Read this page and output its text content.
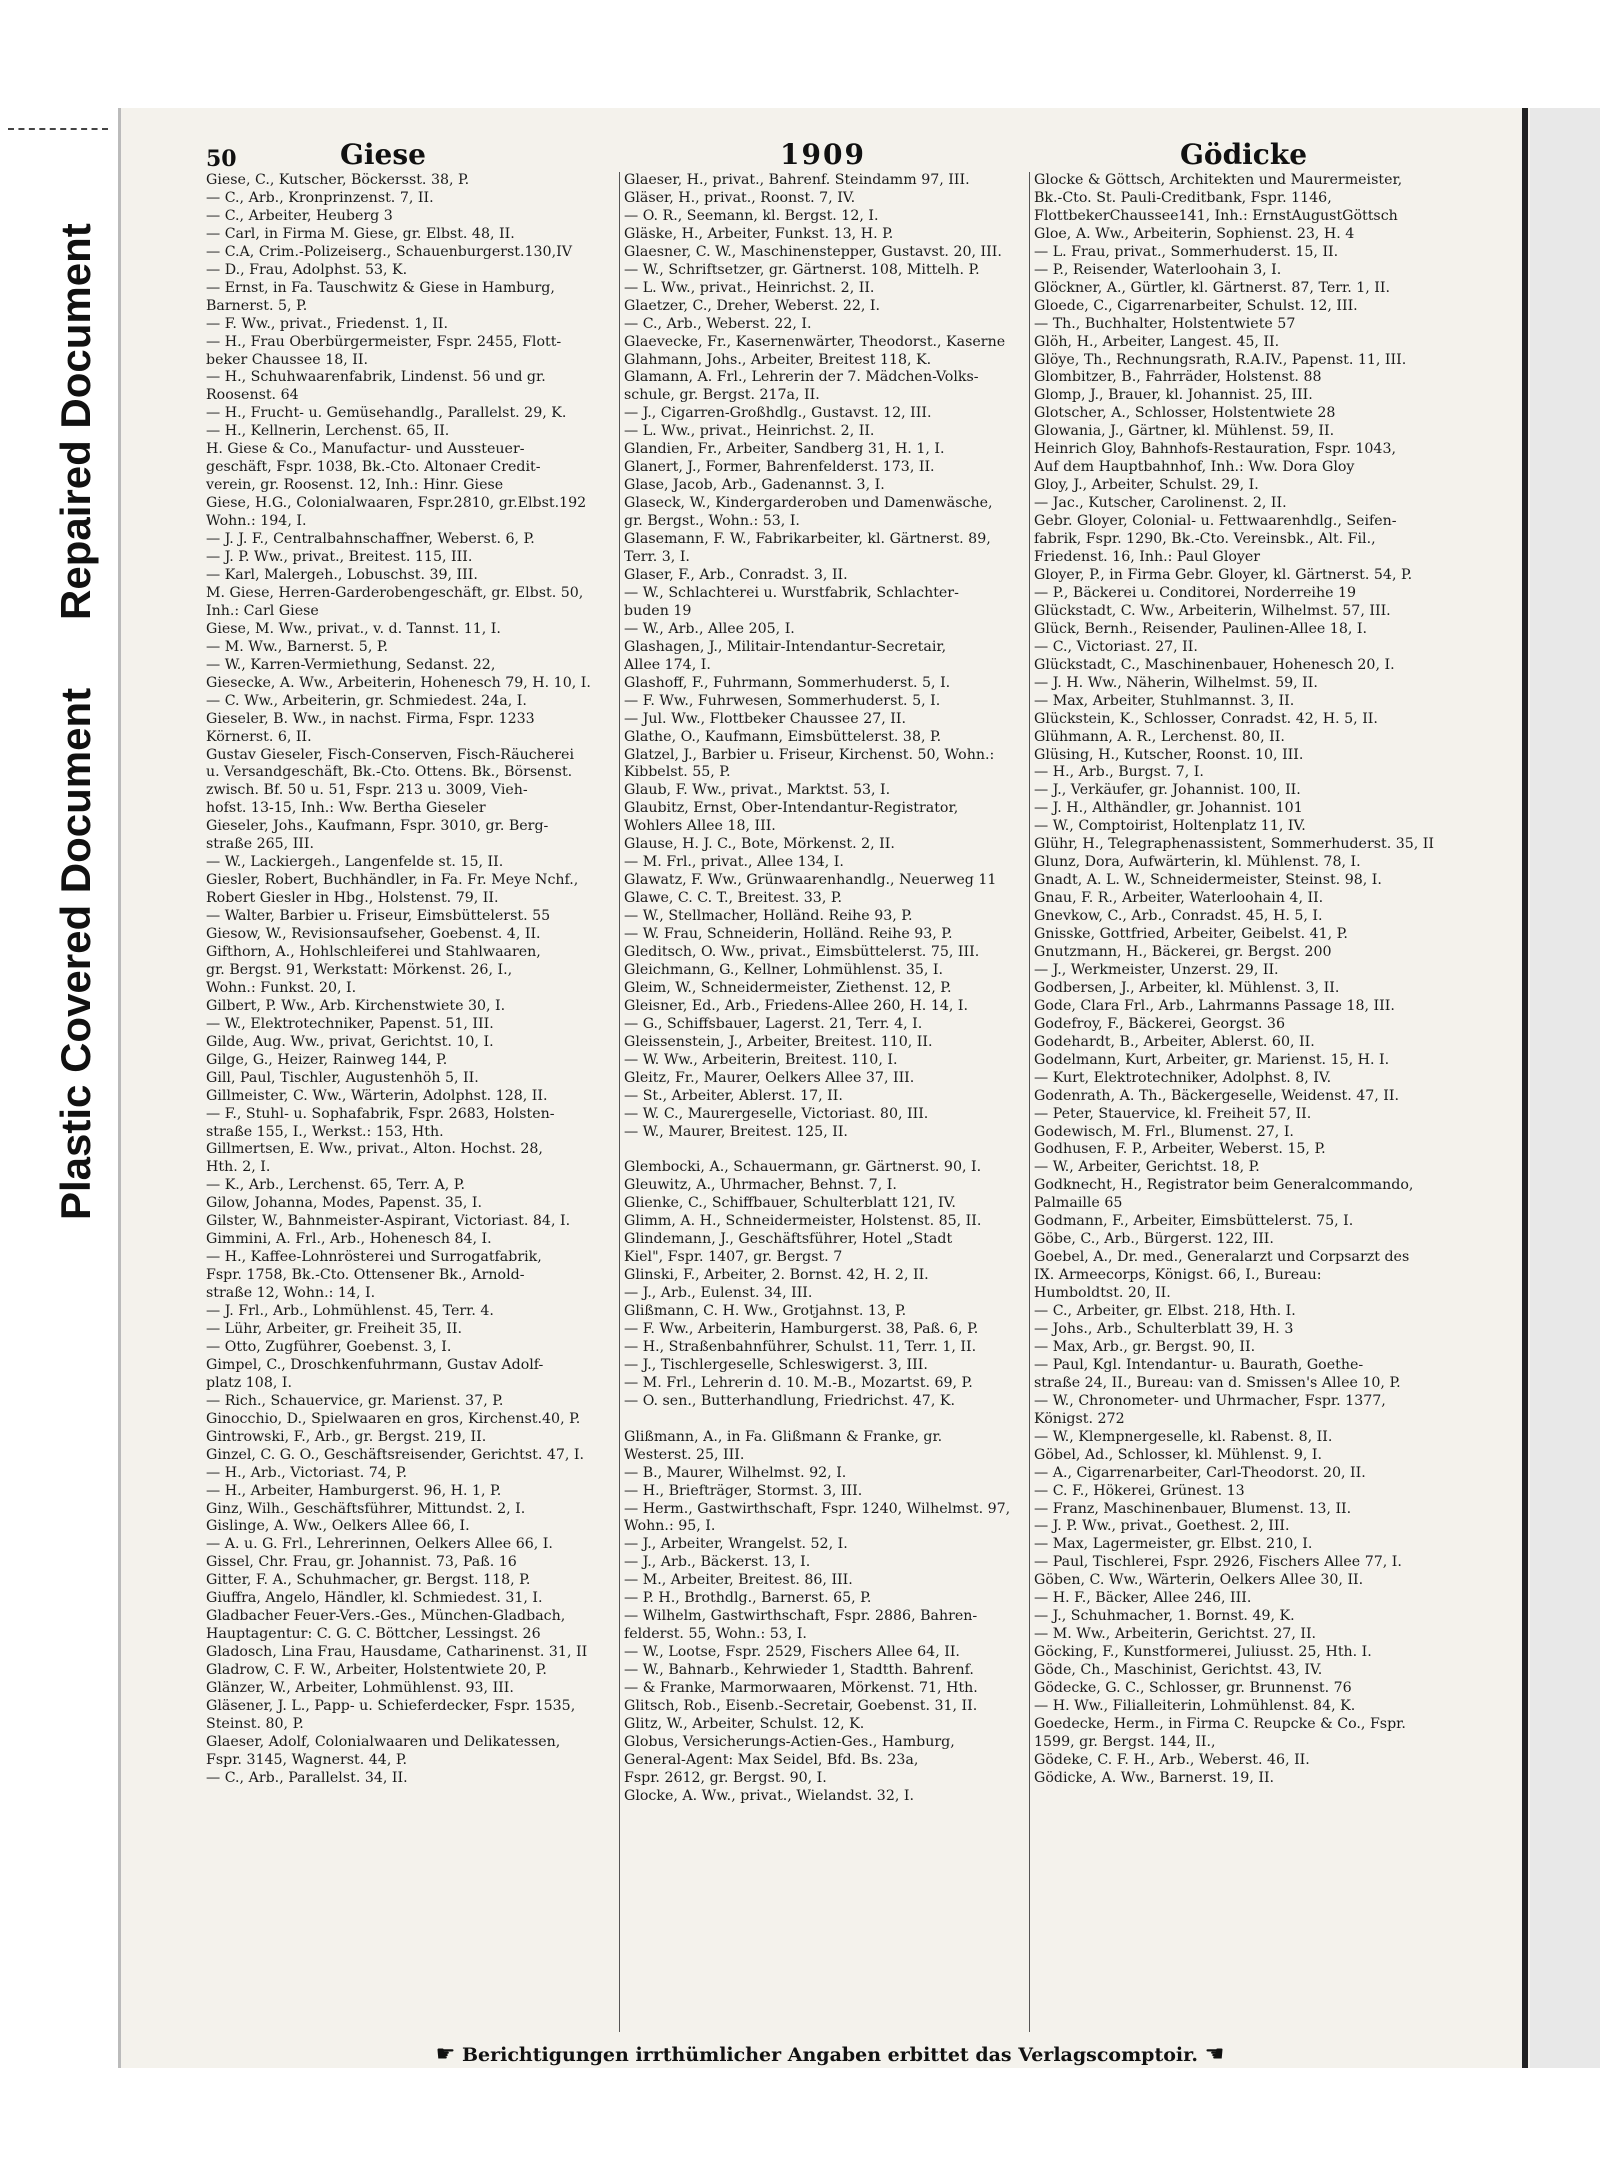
Plastic Covered Document
Repaired Document
50	Giese	1909	Gödicke
Giese, C., Kutscher, Böckersst. 38, P.
— C., Arb., Kronprinzenst. 7, II.
— C., Arbeiter, Heuberg 3
— Carl, in Firma M. Giese, gr. Elbst. 48, II.
— C.A, Crim.-Polizeiserg., Schauenburgerst.130,IV
— D., Frau, Adolphst. 53, K.
— Ernst, in Fa. Tauschwitz & Giese in Hamburg,
Barnerst. 5, P.
— F. Ww., privat., Friedenst. 1, II.
— H., Frau Oberbürgermeister, Fspr. 2455, Flott-
beker Chaussee 18, II.
— H., Schuhwaarenfabrik, Lindenst. 56 und gr.
Roosenst. 64
— H., Frucht- u. Gemüsehandlg., Parallelst. 29, K.
— H., Kellnerin, Lerchenst. 65, II.
H. Giese & Co., Manufactur- und Aussteuer-
geschäft, Fspr. 1038, Bk.-Cto. Altonaer Credit-
verein, gr. Roosenst. 12, Inh.: Hinr. Giese
Giese, H.G., Colonialwaaren, Fspr.2810, gr.Elbst.192
Wohn.: 194, I.
— J. J. F., Centralbahnschaffner, Weberst. 6, P.
— J. P. Ww., privat., Breitest. 115, III.
— Karl, Malergeh., Lobuschst. 39, III.
M. Giese, Herren-Garderobengeschäft, gr. Elbst. 50,
Inh.: Carl Giese
Giese, M. Ww., privat., v. d. Tannst. 11, I.
— M. Ww., Barnerst. 5, P.
— W., Karren-Vermiethung, Sedanst. 22,
Giesecke, A. Ww., Arbeiterin, Hohenesch 79, H. 10, I.
— C. Ww., Arbeiterin, gr. Schmiedest. 24a, I.
Gieseler, B. Ww., in nachst. Firma, Fspr. 1233
Körnerst. 6, II.
Gustav Gieseler, Fisch-Conserven, Fisch-Räucherei
u. Versandgeschäft, Bk.-Cto. Ottens. Bk., Börsenst.
zwisch. Bf. 50 u. 51, Fspr. 213 u. 3009, Vieh-
hofst. 13-15, Inh.: Ww. Bertha Gieseler
Gieseler, Johs., Kaufmann, Fspr. 3010, gr. Berg-
straße 265, III.
— W., Lackiergeh., Langenfelde st. 15, II.
Giesler, Robert, Buchhändler, in Fa. Fr. Meye Nchf.,
Robert Giesler in Hbg., Holstenst. 79, II.
— Walter, Barbier u. Friseur, Eimsbüttelerst. 55
Giesow, W., Revisionsaufseher, Goebenst. 4, II.
Gifthorn, A., Hohlschleiferei und Stahlwaaren,
gr. Bergst. 91, Werkstatt: Mörkenst. 26, I.,
Wohn.: Funkst. 20, I.
Gilbert, P. Ww., Arb. Kirchenstwiete 30, I.
— W., Elektrotechniker, Papenst. 51, III.
Gilde, Aug. Ww., privat, Gerichtst. 10, I.
Gilge, G., Heizer, Rainweg 144, P.
Gill, Paul, Tischler, Augustenhöh 5, II.
Gillmeister, C. Ww., Wärterin, Adolphst. 128, II.
— F., Stuhl- u. Sophafabrik, Fspr. 2683, Holsten-
straße 155, I., Werkst.: 153, Hth.
Gillmertsen, E. Ww., privat., Alton. Hochst. 28,
Hth. 2, I.
— K., Arb., Lerchenst. 65, Terr. A, P.
Gilow, Johanna, Modes, Papenst. 35, I.
Gilster, W., Bahnmeister-Aspirant, Victoriast. 84, I.
Gimmini, A. Frl., Arb., Hohenesch 84, I.
— H., Kaffee-Lohnrösterei und Surrogatfabrik,
Fspr. 1758, Bk.-Cto. Ottensener Bk., Arnold-
straße 12, Wohn.: 14, I.
— J. Frl., Arb., Lohmühlenst. 45, Terr. 4.
— Lühr, Arbeiter, gr. Freiheit 35, II.
— Otto, Zugführer, Goebenst. 3, I.
Gimpel, C., Droschkenfuhrmann, Gustav Adolf-
platz 108, I.
— Rich., Schauervice, gr. Marienst. 37, P.
Ginocchio, D., Spielwaaren en gros, Kirchenst.40, P.
Gintrowski, F., Arb., gr. Bergst. 219, II.
Ginzel, C. G. O., Geschäftsreisender, Gerichtst. 47, I.
— H., Arb., Victoriast. 74, P.
— H., Arbeiter, Hamburgerst. 96, H. 1, P.
Ginz, Wilh., Geschäftsführer, Mittundst. 2, I.
Gislinge, A. Ww., Oelkers Allee 66, I.
— A. u. G. Frl., Lehrerinnen, Oelkers Allee 66, I.
Gissel, Chr. Frau, gr. Johannist. 73, Paß. 16
Gitter, F. A., Schuhmacher, gr. Bergst. 118, P.
Giuffra, Angelo, Händler, kl. Schmiedest. 31, I.
Gladbacher Feuer-Vers.-Ges., München-Gladbach,
Hauptagentur: C. G. C. Böttcher, Lessingst. 26
Gladosch, Lina Frau, Hausdame, Catharinenst. 31, II
Gladrow, C. F. W., Arbeiter, Holstentwiete 20, P.
Glänzer, W., Arbeiter, Lohmühlenst. 93, III.
Gläsener, J. L., Papp- u. Schieferdecker, Fspr. 1535,
Steinst. 80, P.
Glaeser, Adolf, Colonialwaaren und Delikatessen,
Fspr. 3145, Wagnerst. 44, P.
— C., Arb., Parallelst. 34, II.
Glaeser, H., privat., Bahrenf. Steindamm 97, III.
Gläser, H., privat., Roonst. 7, IV.
— O. R., Seemann, kl. Bergst. 12, I.
Gläske, H., Arbeiter, Funkst. 13, H. P.
Glaesner, C. W., Maschinenstepper, Gustavst. 20, III.
— W., Schriftsetzer, gr. Gärtnerst. 108, Mittelh. P.
— L. Ww., privat., Heinrichst. 2, II.
Glaetzer, C., Dreher, Weberst. 22, I.
— C., Arb., Weberst. 22, I.
Glaevecke, Fr., Kasernenwärter, Theodorst., Kaserne
Glahmann, Johs., Arbeiter, Breitest 118, K.
Glamann, A. Frl., Lehrerin der 7. Mädchen-Volks-
schule, gr. Bergst. 217a, II.
— J., Cigarren-Großhdlg., Gustavst. 12, III.
— L. Ww., privat., Heinrichst. 2, II.
Glandien, Fr., Arbeiter, Sandberg 31, H. 1, I.
Glanert, J., Former, Bahrenfelderst. 173, II.
Glase, Jacob, Arb., Gadenannst. 3, I.
Glaseck, W., Kindergarderoben und Damenwäsche,
gr. Bergst., Wohn.: 53, I.
Glasemann, F. W., Fabrikarbeiter, kl. Gärtnerst. 89,
Terr. 3, I.
Glaser, F., Arb., Conradst. 3, II.
— W., Schlachterei u. Wurstfabrik, Schlachter-
buden 19
— W., Arb., Allee 205, I.
Glashagen, J., Militair-Intendantur-Secretair,
Allee 174, I.
Glashoff, F., Fuhrmann, Sommerhuderst. 5, I.
— F. Ww., Fuhrwesen, Sommerhuderst. 5, I.
— Jul. Ww., Flottbeker Chaussee 27, II.
Glathe, O., Kaufmann, Eimsbüttelerst. 38, P.
Glatzel, J., Barbier u. Friseur, Kirchenst. 50, Wohn.:
Kibbelst. 55, P.
Glaub, F. Ww., privat., Marktst. 53, I.
Glaubitz, Ernst, Ober-Intendantur-Registrator,
Wohlers Allee 18, III.
Glause, H. J. C., Bote, Mörkenst. 2, II.
— M. Frl., privat., Allee 134, I.
Glawatz, F. Ww., Grünwaarenhandlg., Neuerweg 11
Glawe, C. C. T., Breitest. 33, P.
— W., Stellmacher, Holländ. Reihe 93, P.
— W. Frau, Schneiderin, Holländ. Reihe 93, P.
Gleditsch, O. Ww., privat., Eimsbüttelerst. 75, III.
Gleichmann, G., Kellner, Lohmühlenst. 35, I.
Gleim, W., Schneidermeister, Ziethenst. 12, P.
Gleisner, Ed., Arb., Friedens-Allee 260, H. 14, I.
— G., Schiffsbauer, Lagerst. 21, Terr. 4, I.
Gleissenstein, J., Arbeiter, Breitest. 110, II.
— W. Ww., Arbeiterin, Breitest. 110, I.
Gleitz, Fr., Maurer, Oelkers Allee 37, III.
— St., Arbeiter, Ablerst. 17, II.
— W. C., Maurergeselle, Victoriast. 80, III.
— W., Maurer, Breitest. 125, II.

Glembocki, A., Schauermann, gr. Gärtnerst. 90, I.
Gleuwitz, A., Uhrmacher, Behnst. 7, I.
Glienke, C., Schiffbauer, Schulterblatt 121, IV.
Glimm, A. H., Schneidermeister, Holstenst. 85, II.
Glindemann, J., Geschäftsführer, Hotel „Stadt
Kiel", Fspr. 1407, gr. Bergst. 7
Glinski, F., Arbeiter, 2. Bornst. 42, H. 2, II.
— J., Arb., Eulenst. 34, III.
Glißmann, C. H. Ww., Grotjahnst. 13, P.
— F. Ww., Arbeiterin, Hamburgerst. 38, Paß. 6, P.
— H., Straßenbahnführer, Schulst. 11, Terr. 1, II.
— J., Tischlergeselle, Schleswigerst. 3, III.
— M. Frl., Lehrerin d. 10. M.-B., Mozartst. 69, P.
— O. sen., Butterhandlung, Friedrichst. 47, K.

Glißmann, A., in Fa. Glißmann & Franke, gr.
Westerst. 25, III.
— B., Maurer, Wilhelmst. 92, I.
— H., Briefträger, Stormst. 3, III.
— Herm., Gastwirthschaft, Fspr. 1240, Wilhelmst. 97,
Wohn.: 95, I.
— J., Arbeiter, Wrangelst. 52, I.
— J., Arb., Bäckerst. 13, I.
— M., Arbeiter, Breitest. 86, III.
— P. H., Brothdlg., Barnerst. 65, P.
— Wilhelm, Gastwirthschaft, Fspr. 2886, Bahren-
felderst. 55, Wohn.: 53, I.
— W., Lootse, Fspr. 2529, Fischers Allee 64, II.
— W., Bahnarb., Kehrwieder 1, Stadtth. Bahrenf.
— & Franke, Marmorwaaren, Mörkenst. 71, Hth.
Glitsch, Rob., Eisenb.-Secretair, Goebenst. 31, II.
Glitz, W., Arbeiter, Schulst. 12, K.
Globus, Versicherungs-Actien-Ges., Hamburg,
General-Agent: Max Seidel, Bfd. Bs. 23a,
Fspr. 2612, gr. Bergst. 90, I.
Glocke, A. Ww., privat., Wielandst. 32, I.
Glocke & Göttsch, Architekten und Maurermeister,
Bk.-Cto. St. Pauli-Creditbank, Fspr. 1146,
FlottbekerChaussee141, Inh.: ErnstAugustGöttsch
Gloe, A. Ww., Arbeiterin, Sophienst. 23, H. 4
— L. Frau, privat., Sommerhuderst. 15, II.
— P., Reisender, Waterloohain 3, I.
Glöckner, A., Gürtler, kl. Gärtnerst. 87, Terr. 1, II.
Gloede, C., Cigarrenarbeiter, Schulst. 12, III.
— Th., Buchhalter, Holstentwiete 57
Glöh, H., Arbeiter, Langest. 45, II.
Glöye, Th., Rechnungsrath, R.A.IV., Papenst. 11, III.
Glombitzer, B., Fahrräder, Holstenst. 88
Glomp, J., Brauer, kl. Johannist. 25, III.
Glotscher, A., Schlosser, Holstentwiete 28
Glowania, J., Gärtner, kl. Mühlenst. 59, II.
Heinrich Gloy, Bahnhofs-Restauration, Fspr. 1043,
Auf dem Hauptbahnhof, Inh.: Ww. Dora Gloy
Gloy, J., Arbeiter, Schulst. 29, I.
— Jac., Kutscher, Carolinenst. 2, II.
Gebr. Gloyer, Colonial- u. Fettwaarenhdlg., Seifen-
fabrik, Fspr. 1290, Bk.-Cto. Vereinsbk., Alt. Fil.,
Friedenst. 16, Inh.: Paul Gloyer
Gloyer, P., in Firma Gebr. Gloyer, kl. Gärtnerst. 54, P.
— P., Bäckerei u. Conditorei, Norderreihe 19
Glückstadt, C. Ww., Arbeiterin, Wilhelmst. 57, III.
Glück, Bernh., Reisender, Paulinen-Allee 18, I.
— C., Victoriast. 27, II.
Glückstadt, C., Maschinenbauer, Hohenesch 20, I.
— J. H. Ww., Näherin, Wilhelmst. 59, II.
— Max, Arbeiter, Stuhlmannst. 3, II.
Glückstein, K., Schlosser, Conradst. 42, H. 5, II.
Glühmann, A. R., Lerchenst. 80, II.
Glüsing, H., Kutscher, Roonst. 10, III.
— H., Arb., Burgst. 7, I.
— J., Verkäufer, gr. Johannist. 100, II.
— J. H., Althändler, gr. Johannist. 101
— W., Comptoirist, Holtenplatz 11, IV.
Glühr, H., Telegraphenassistent, Sommerhuderst. 35, II
Glunz, Dora, Aufwärterin, kl. Mühlenst. 78, I.
Gnadt, A. L. W., Schneidermeister, Steinst. 98, I.
Gnau, F. R., Arbeiter, Waterloohain 4, II.
Gnevkow, C., Arb., Conradst. 45, H. 5, I.
Gnisske, Gottfried, Arbeiter, Geibelst. 41, P.
Gnutzmann, H., Bäckerei, gr. Bergst. 200
— J., Werkmeister, Unzerst. 29, II.
Godbersen, J., Arbeiter, kl. Mühlenst. 3, II.
Gode, Clara Frl., Arb., Lahrmanns Passage 18, III.
Godefroy, F., Bäckerei, Georgst. 36
Godehardt, B., Arbeiter, Ablerst. 60, II.
Godelmann, Kurt, Arbeiter, gr. Marienst. 15, H. I.
— Kurt, Elektrotechniker, Adolphst. 8, IV.
Godenrath, A. Th., Bäckergeselle, Weidenst. 47, II.
— Peter, Stauervice, kl. Freiheit 57, II.
Godewisch, M. Frl., Blumenst. 27, I.
Godhusen, F. P., Arbeiter, Weberst. 15, P.
— W., Arbeiter, Gerichtst. 18, P.
Godknecht, H., Registrator beim Generalcommando,
Palmaille 65
Godmann, F., Arbeiter, Eimsbüttelerst. 75, I.
Göbe, C., Arb., Bürgerst. 122, III.
Goebel, A., Dr. med., Generalarzt und Corpsarzt des
IX. Armeecorps, Königst. 66, I., Bureau:
Humboldtst. 20, II.
— C., Arbeiter, gr. Elbst. 218, Hth. I.
— Johs., Arb., Schulterblatt 39, H. 3
— Max, Arb., gr. Bergst. 90, II.
— Paul, Kgl. Intendantur- u. Baurath, Goethe-
straße 24, II., Bureau: van d. Smissen's Allee 10, P.
— W., Chronometer- und Uhrmacher, Fspr. 1377,
Königst. 272
— W., Klempnergeselle, kl. Rabenst. 8, II.
Göbel, Ad., Schlosser, kl. Mühlenst. 9, I.
— A., Cigarrenarbeiter, Carl-Theodorst. 20, II.
— C. F., Hökerei, Grünest. 13
— Franz, Maschinenbauer, Blumenst. 13, II.
— J. P. Ww., privat., Goethest. 2, III.
— Max, Lagermeister, gr. Elbst. 210, I.
— Paul, Tischlerei, Fspr. 2926, Fischers Allee 77, I.
Göben, C. Ww., Wärterin, Oelkers Allee 30, II.
— H. F., Bäcker, Allee 246, III.
— J., Schuhmacher, 1. Bornst. 49, K.
— M. Ww., Arbeiterin, Gerichtst. 27, II.
Göcking, F., Kunstformerei, Juliusst. 25, Hth. I.
Göde, Ch., Maschinist, Gerichtst. 43, IV.
Gödecke, G. C., Schlosser, gr. Brunnenst. 76
— H. Ww., Filialleiterin, Lohmühlenst. 84, K.
Goedecke, Herm., in Firma C. Reupcke & Co., Fspr.
1599, gr. Bergst. 144, II.,
Gödeke, C. F. H., Arb., Weberst. 46, II.
Gödicke, A. Ww., Barnerst. 19, II.
☛ Berichtigungen irrthümlicher Angaben erbittet das Verlagscomptoir. ☚
